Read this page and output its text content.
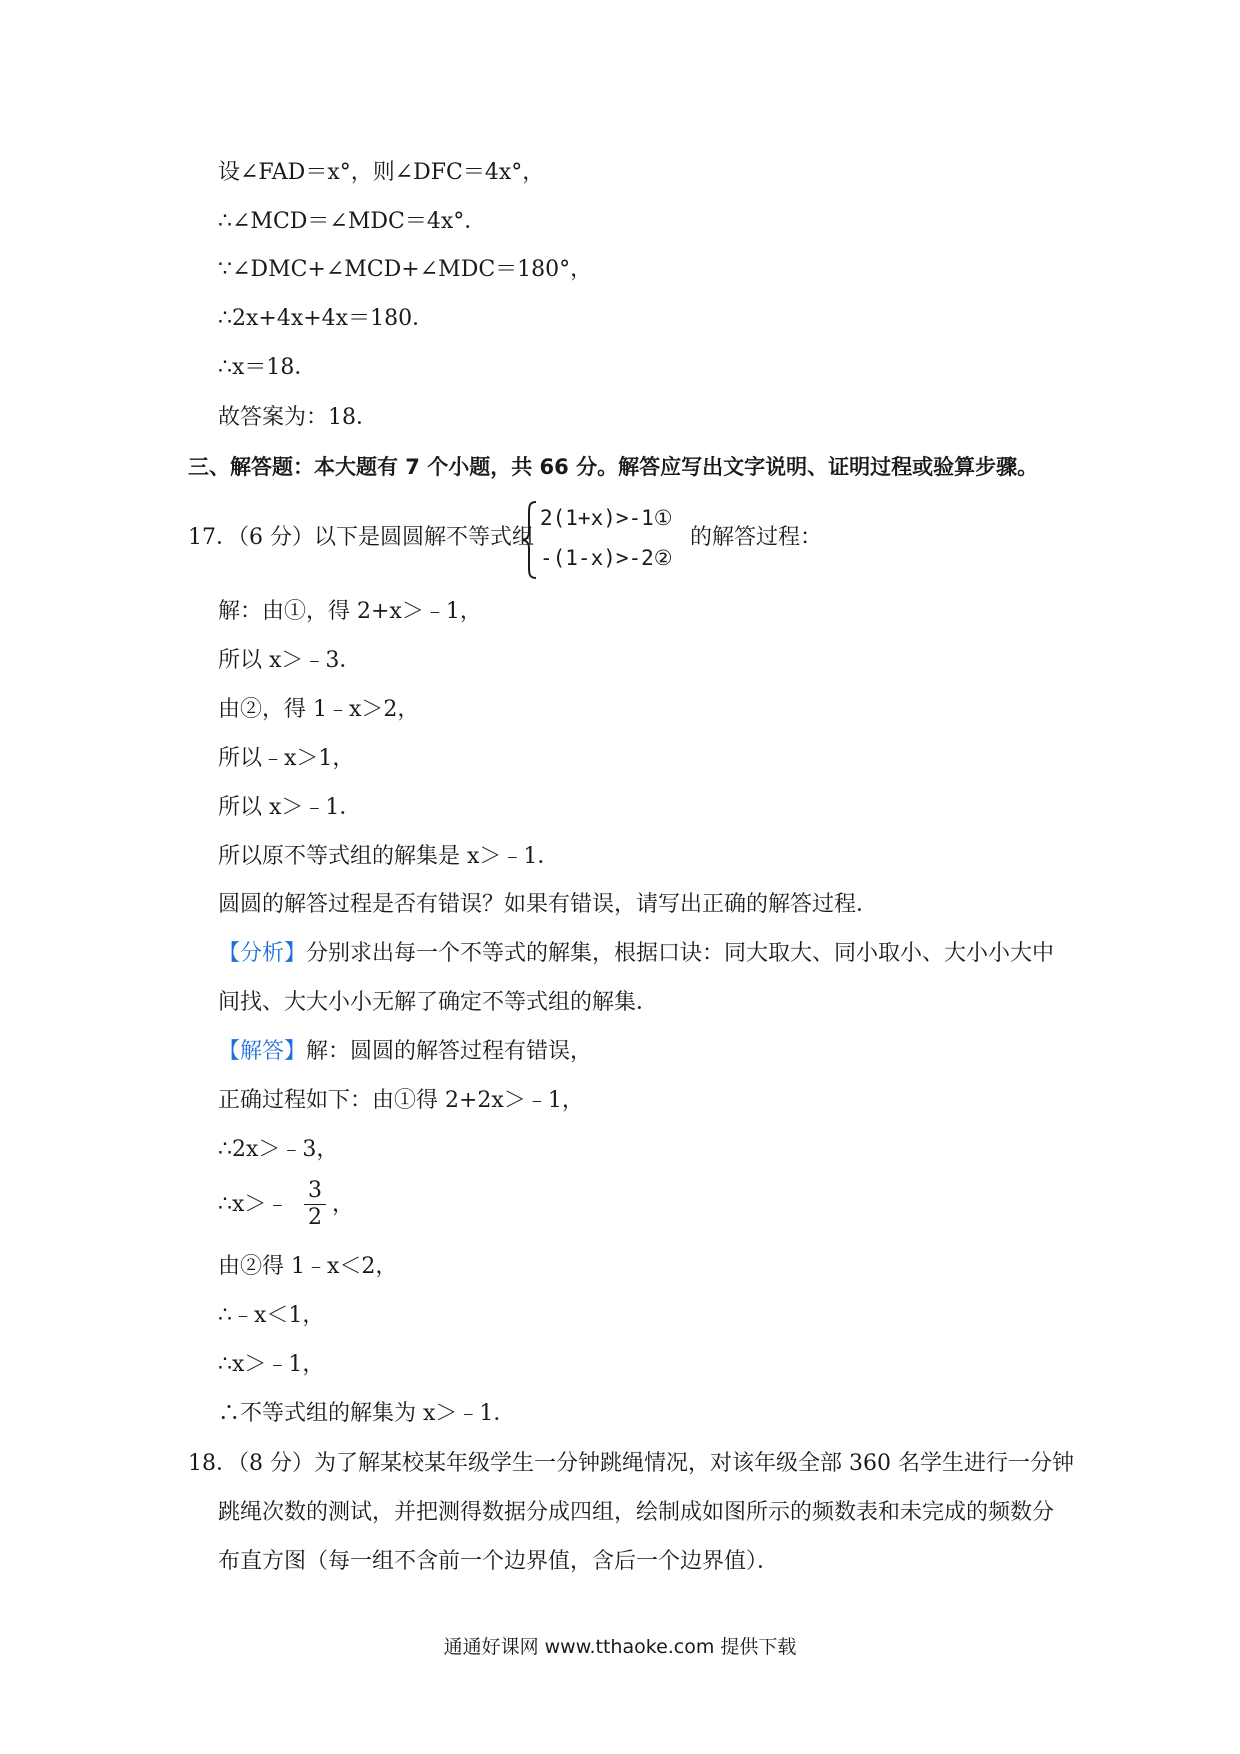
设∠FAD＝x°，则∠DFC＝4x°，
∴∠MCD＝∠MDC＝4x°．
∵∠DMC+∠MCD+∠MDC＝180°，
∴2x+4x+4x＝180．
∴x＝18．
故答案为：18．
三、解答题：本大题有 7 个小题，共 66 分。解答应写出文字说明、证明过程或验算步骤。
17．（6 分）以下是圆圆解不等式组
2(1+x)>-1①
-(1-x)>-2②
的解答过程：
解：由①，得 2+x＞﹣1，
所以 x＞﹣3．
由②，得 1﹣x＞2，
所以﹣x＞1，
所以 x＞﹣1．
所以原不等式组的解集是 x＞﹣1．
圆圆的解答过程是否有错误？如果有错误，请写出正确的解答过程．
【分析】分别求出每一个不等式的解集，根据口诀：同大取大、同小取小、大小小大中
间找、大大小小无解了确定不等式组的解集．
【解答】解：圆圆的解答过程有错误，
正确过程如下：由①得 2+2x＞﹣1，
∴2x＞﹣3，
∴x＞﹣
3
2
，
由②得 1﹣x＜2，
∴﹣x＜1，
∴x＞﹣1，
∴不等式组的解集为 x＞﹣1．
18．（8 分）为了解某校某年级学生一分钟跳绳情况，对该年级全部 360 名学生进行一分钟
跳绳次数的测试，并把测得数据分成四组，绘制成如图所示的频数表和未完成的频数分
布直方图（每一组不含前一个边界值，含后一个边界值）．
通通好课网 www.tthaoke.com 提供下载
